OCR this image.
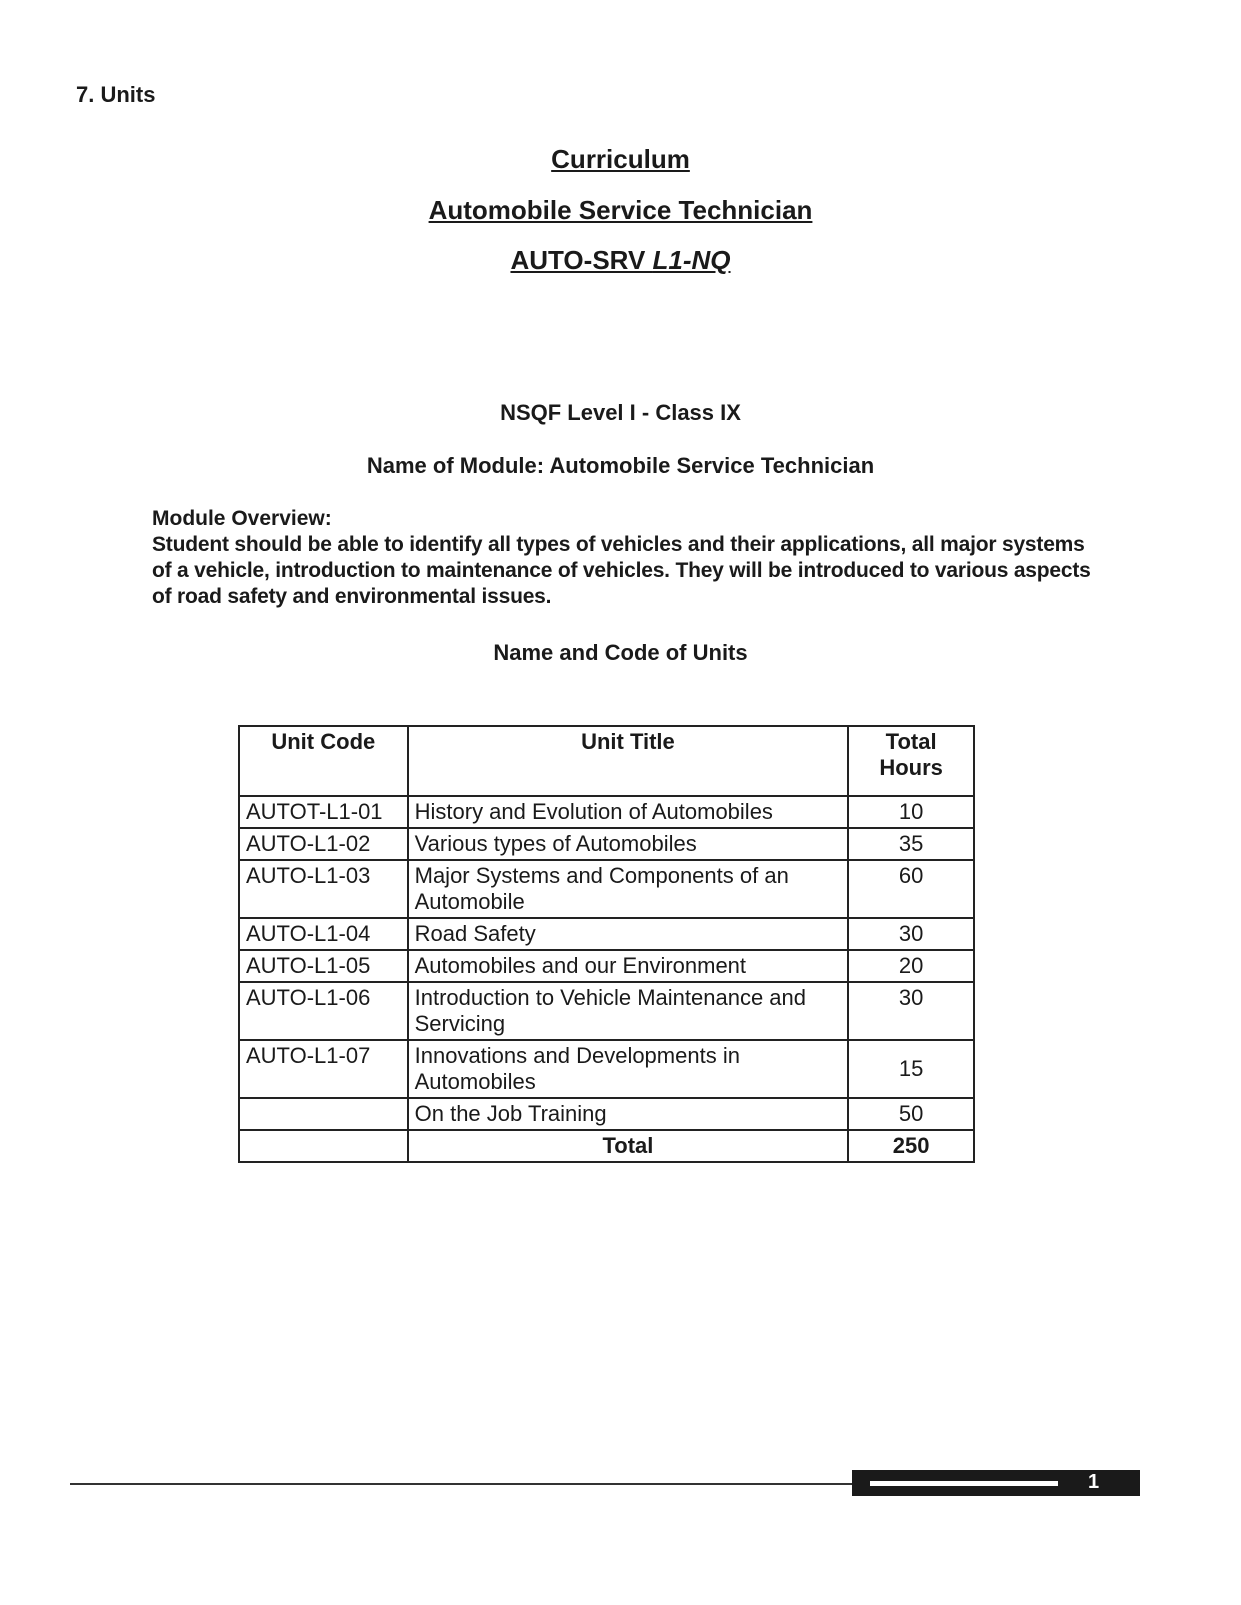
7. Units
Curriculum
Automobile Service Technician
AUTO-SRV L1-NQ
NSQF Level I - Class IX
Name of Module: Automobile Service Technician
Module Overview:
Student should be able to identify all types of vehicles and their applications, all major systems of a vehicle, introduction to maintenance of vehicles. They will be introduced to various aspects of road safety and environmental issues.
Name and Code of Units
Unit Code	Unit Title	Total Hours
AUTOT-L1-01	History and Evolution of Automobiles	10
AUTO-L1-02	Various types of Automobiles	35
AUTO-L1-03	Major Systems and Components of an Automobile	60
AUTO-L1-04	Road Safety	30
AUTO-L1-05	Automobiles and our Environment	20
AUTO-L1-06	Introduction to Vehicle Maintenance and Servicing	30
AUTO-L1-07	Innovations and Developments in Automobiles	15
	On the Job Training	50
	Total	250
1
